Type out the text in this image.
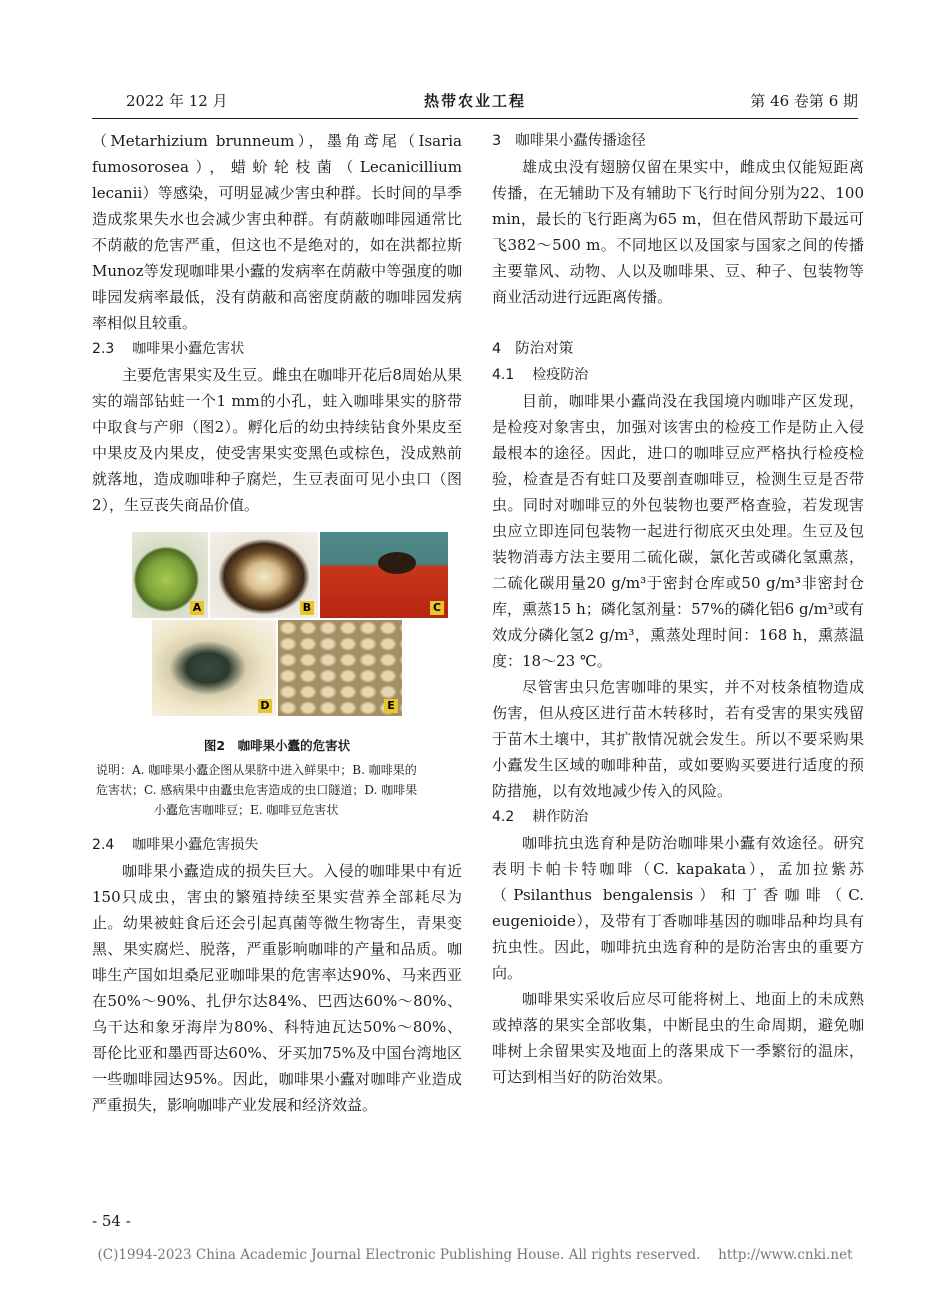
2022 年 12 月	热带农业工程	第 46 卷第 6 期

（Metarhizium brunneum），墨角鸢尾（Isaria fumosorosea），蜡蚧轮枝菌（Lecanicillium lecanii）等感染，可明显减少害虫种群。长时间的旱季造成浆果失水也会减少害虫种群。有荫蔽咖啡园通常比不荫蔽的危害严重，但这也不是绝对的，如在洪都拉斯Munoz等发现咖啡果小蠹的发病率在荫蔽中等强度的咖啡园发病率最低，没有荫蔽和高密度荫蔽的咖啡园发病率相似且较重。

2.3 咖啡果小蠹危害状

主要危害果实及生豆。雌虫在咖啡开花后8周始从果实的端部钻蛀一个1 mm的小孔，蛀入咖啡果实的脐带中取食与产卵（图2）。孵化后的幼虫持续钻食外果皮至中果皮及内果皮，使受害果实变黑色或棕色，没成熟前就落地，造成咖啡种子腐烂，生豆表面可见小虫口（图2），生豆丧失商品价值。

A	B	C
D	E
图2　咖啡果小蠹的危害状
说明：A. 咖啡果小蠹企图从果脐中进入鲜果中；B. 咖啡果的
危害状；C. 感病果中由蠹虫危害造成的虫口隧道；D. 咖啡果

小蠹危害咖啡豆；E. 咖啡豆危害状
2.4 咖啡果小蠹危害损失

咖啡果小蠹造成的损失巨大。入侵的咖啡果中有近150只成虫，害虫的繁殖持续至果实营养全部耗尽为止。幼果被蛀食后还会引起真菌等微生物寄生，青果变黑、果实腐烂、脱落，严重影响咖啡的产量和品质。咖啡生产国如坦桑尼亚咖啡果的危害率达90%、马来西亚在50%～90%、扎伊尔达84%、巴西达60%～80%、乌干达和象牙海岸为80%、科特迪瓦达50%～80%、哥伦比亚和墨西哥达60%、牙买加75%及中国台湾地区一些咖啡园达95%。因此，咖啡果小蠹对咖啡产业造成严重损失，影响咖啡产业发展和经济效益。

3 咖啡果小蠹传播途径

雄成虫没有翅膀仅留在果实中，雌成虫仅能短距离传播，在无辅助下及有辅助下飞行时间分别为22、100 min，最长的飞行距离为65 m，但在借风帮助下最远可飞382～500 m。不同地区以及国家与国家之间的传播主要靠风、动物、人以及咖啡果、豆、种子、包装物等商业活动进行远距离传播。

4 防治对策
4.1 检疫防治

目前，咖啡果小蠹尚没在我国境内咖啡产区发现，是检疫对象害虫，加强对该害虫的检疫工作是防止入侵最根本的途径。因此，进口的咖啡豆应严格执行检疫检验，检查是否有蛀口及要剖查咖啡豆，检测生豆是否带虫。同时对咖啡豆的外包装物也要严格查验，若发现害虫应立即连同包装物一起进行彻底灭虫处理。生豆及包装物消毒方法主要用二硫化碳，氯化苦或磷化氢熏蒸，二硫化碳用量20 g/m³于密封仓库或50 g/m³非密封仓库，熏蒸15 h；磷化氢剂量：57%的磷化铝6 g/m³或有效成分磷化氢2 g/m³，熏蒸处理时间：168 h，熏蒸温度：18～23 ℃。

尽管害虫只危害咖啡的果实，并不对枝条植物造成伤害，但从疫区进行苗木转移时，若有受害的果实残留于苗木土壤中，其扩散情况就会发生。所以不要采购果小蠹发生区域的咖啡种苗，或如要购买要进行适度的预防措施，以有效地减少传入的风险。

4.2 耕作防治

咖啡抗虫选育种是防治咖啡果小蠹有效途径。研究表明卡帕卡特咖啡（C. kapakata），孟加拉紫苏（Psilanthus bengalensis）和丁香咖啡（C. eugenioide），及带有丁香咖啡基因的咖啡品种均具有抗虫性。因此，咖啡抗虫选育种的是防治害虫的重要方向。

咖啡果实采收后应尽可能将树上、地面上的未成熟或掉落的果实全部收集，中断昆虫的生命周期，避免咖啡树上余留果实及地面上的落果成下一季繁衍的温床，可达到相当好的防治效果。

- 54 -
(C)1994-2023 China Academic Journal Electronic Publishing House. All rights reserved.　 http://www.cnki.net
